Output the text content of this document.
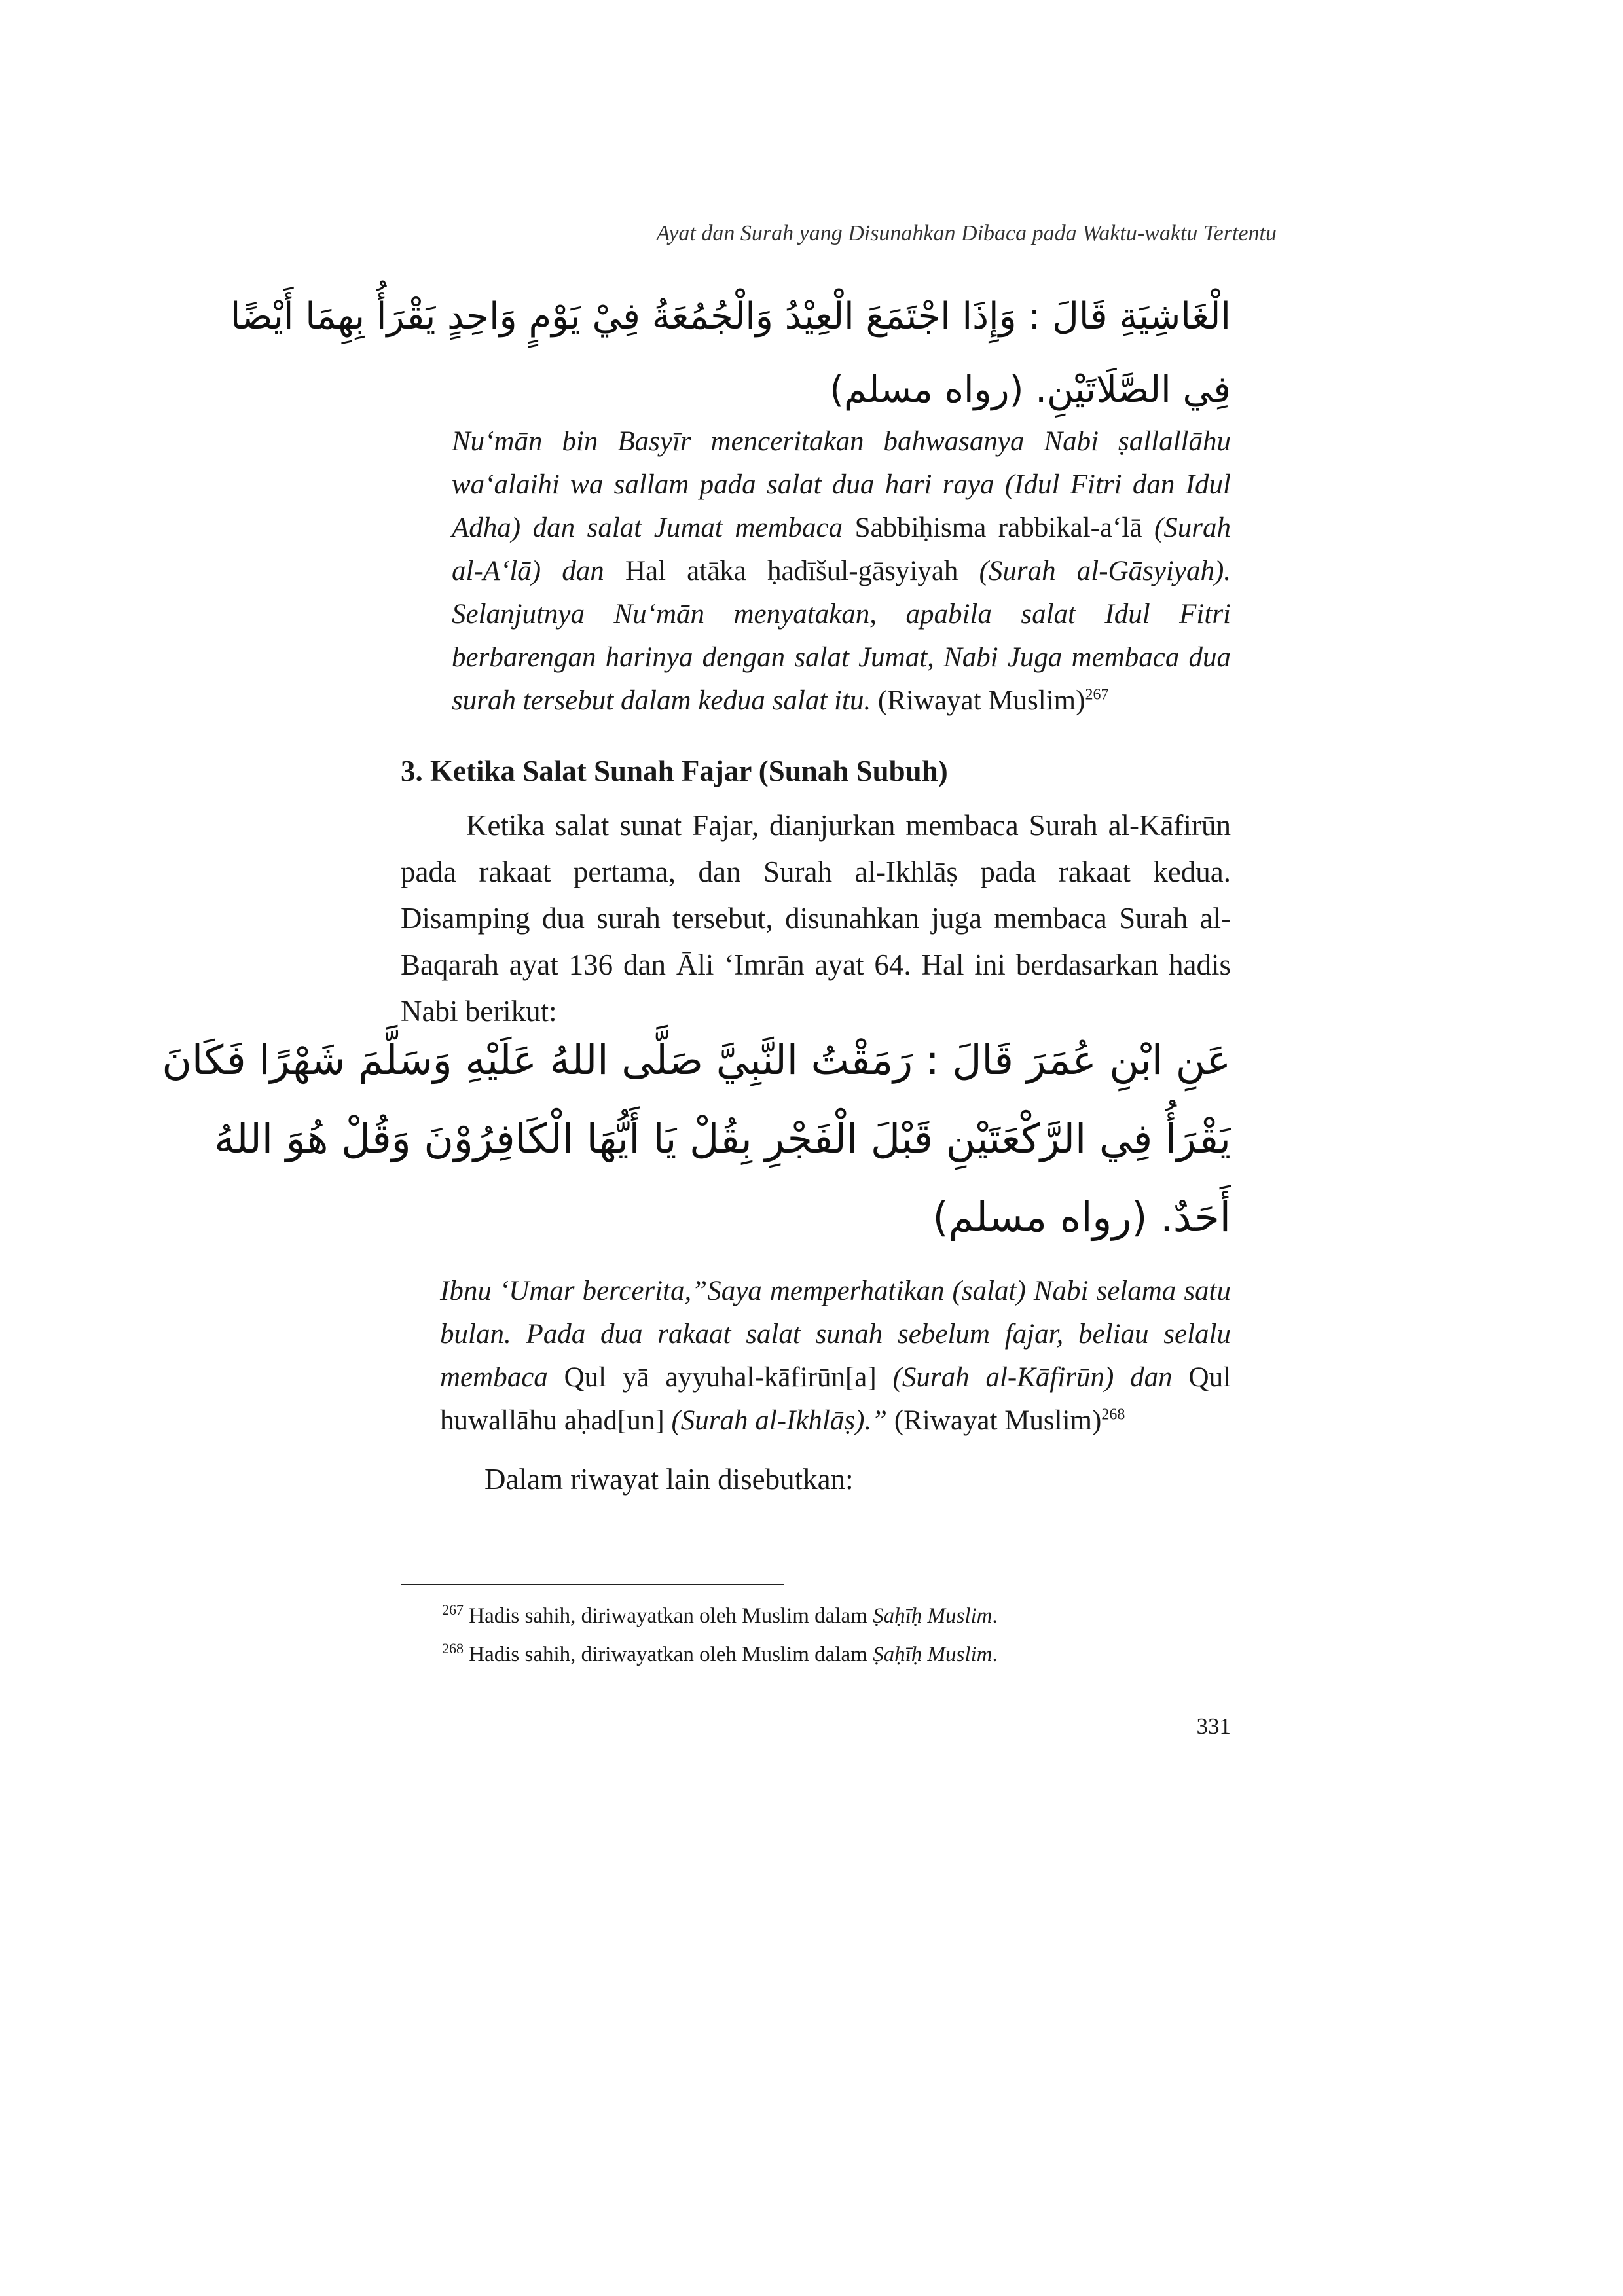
Ayat dan Surah yang Disunahkan Dibaca pada Waktu-waktu Tertentu
الْغَاشِيَةِ قَالَ : وَإِذَا اجْتَمَعَ الْعِيْدُ وَالْجُمُعَةُ فِيْ يَوْمٍ وَاحِدٍ يَقْرَأُ بِهِمَا أَيْضًا
فِي الصَّلَاتَيْنِ. (رواه مسلم)

Nu‘mān bin Basyīr menceritakan bahwasanya Nabi ṣallallāhu wa‘alaihi wa sallam pada salat dua hari raya (Idul Fitri dan Idul Adha) dan salat Jumat membaca Sabbiḥisma rabbikal-a‘lā (Surah al-A‘lā) dan Hal atāka ḥadīšul-gāsyiyah (Surah al-Gāsyiyah). Selanjutnya Nu‘mān menyatakan, apabila salat Idul Fitri berbarengan harinya dengan salat Jumat, Nabi Juga membaca dua surah tersebut dalam kedua salat itu. (Riwayat Muslim)$^{267}$

3. Ketika Salat Sunah Fajar (Sunah Subuh)

Ketika salat sunat Fajar, dianjurkan membaca Surah al-Kāfirūn pada rakaat pertama, dan Surah al-Ikhlāṣ pada rakaat kedua. Disamping dua surah tersebut, disunahkan juga membaca Surah al-Baqarah ayat 136 dan Āli ‘Imrān ayat 64. Hal ini berdasarkan hadis Nabi berikut:

عَنِ ابْنِ عُمَرَ قَالَ : رَمَقْتُ النَّبِيَّ صَلَّى اللهُ عَلَيْهِ وَسَلَّمَ شَهْرًا فَكَانَ
يَقْرَأُ فِي الرَّكْعَتَيْنِ قَبْلَ الْفَجْرِ بِقُلْ يَا أَيُّهَا الْكَافِرُوْنَ وَقُلْ هُوَ اللهُ
أَحَدٌ. (رواه مسلم)

Ibnu ‘Umar bercerita,”Saya memperhatikan (salat) Nabi selama satu bulan. Pada dua rakaat salat sunah sebelum fajar, beliau selalu membaca Qul yā ayyuhal-kāfirūn[a] (Surah al-Kāfirūn) dan Qul huwallāhu aḥad[un] (Surah al-Ikhlāṣ).” (Riwayat Muslim)$^{268}$

Dalam riwayat lain disebutkan:

$^{267}$ Hadis sahih, diriwayatkan oleh Muslim dalam Ṣaḥīḥ Muslim.
$^{268}$ Hadis sahih, diriwayatkan oleh Muslim dalam Ṣaḥīḥ Muslim.
331
